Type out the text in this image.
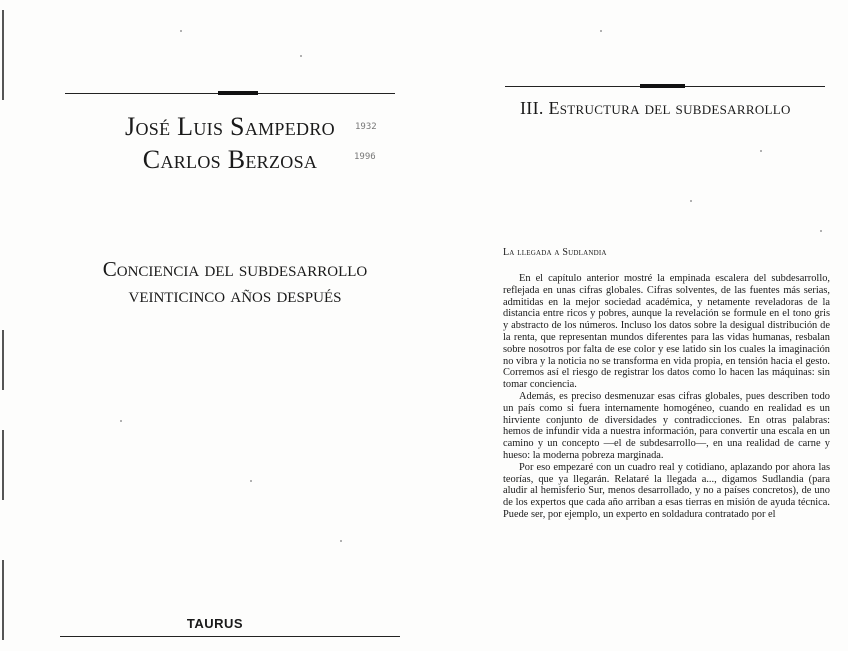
José Luis Sampedro
Carlos Berzosa
1932
1996
Conciencia del subdesarrollo
veinticinco años después
TAURUS
III. Estructura del subdesarrollo
La llegada a Sudlandia

En el capítulo anterior mostré la empinada escalera del subdesarrollo, reflejada en unas cifras globales. Cifras solventes, de las fuentes más serias, admitidas en la mejor sociedad académica, y netamente reveladoras de la distancia entre ricos y pobres, aunque la revelación se formule en el tono gris y abstracto de los números. Incluso los datos sobre la desigual distribución de la renta, que representan mundos diferentes para las vidas humanas, resbalan sobre nosotros por falta de ese color y ese latido sin los cuales la imaginación no vibra y la noticia no se transforma en vida propia, en tensión hacia el gesto. Corremos así el riesgo de registrar los datos como lo hacen las máquinas: sin tomar conciencia.

Además, es preciso desmenuzar esas cifras globales, pues describen todo un país como si fuera internamente homogéneo, cuando en realidad es un hirviente conjunto de diversidades y contradicciones. En otras palabras: hemos de infundir vida a nuestra información, para convertir una escala en un camino y un concepto —el de subdesarrollo—, en una realidad de carne y hueso: la moderna pobreza marginada.

Por eso empezaré con un cuadro real y cotidiano, aplazando por ahora las teorías, que ya llegarán. Relataré la llegada a..., digamos Sudlandia (para aludir al hemisferio Sur, menos desarrollado, y no a países concretos), de uno de los expertos que cada año arriban a esas tierras en misión de ayuda técnica. Puede ser, por ejemplo, un experto en soldadura contratado por el
